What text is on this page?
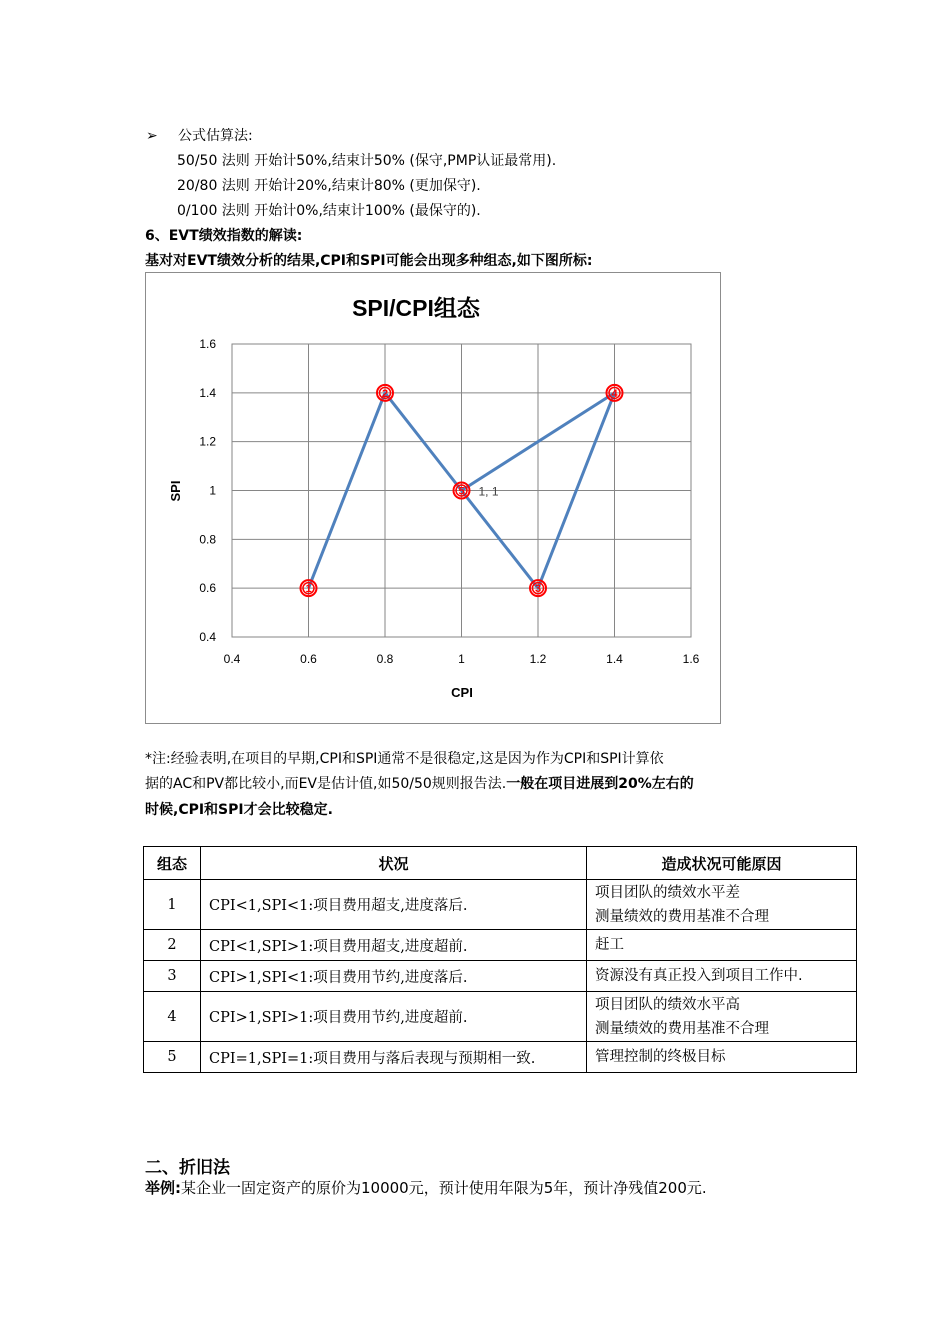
➢ 公式估算法:
50/50 法则 开始计50%,结束计50% (保守,PMP认证最常用).
20/80 法则 开始计20%,结束计80% (更加保守).
0/100 法则 开始计0%,结束计100% (最保守的).
6、EVT绩效指数的解读:
基对对EVT绩效分析的结果,CPI和SPI可能会出现多种组态,如下图所标:
SPI/CPI组态
0.4	0.6	0.8	1	1.2	1.4	1.6
0.4
0.6
0.8
1
1.2
1.4
1.6
1
2
5
3
4
1, 1
CPI
SPI
*注:经验表明,在项目的早期,CPI和SPI通常不是很稳定,这是因为作为CPI和SPI计算依
据的AC和PV都比较小,而EV是估计值,如50/50规则报告法.一般在项目进展到20%左右的
时候,CPI和SPI才会比较稳定.
组态	状况	造成状况可能原因
1	CPI<1,SPI<1:项目费用超支,进度落后.	项目团队的绩效水平差
测量绩效的费用基准不合理

2	CPI<1,SPI>1:项目费用超支,进度超前.	赶工

3	CPI>1,SPI<1:项目费用节约,进度落后.	资源没有真正投入到项目工作中.

4	CPI>1,SPI>1:项目费用节约,进度超前.	项目团队的绩效水平高
测量绩效的费用基准不合理

5	CPI=1,SPI=1:项目费用与落后表现与预期相一致.	管理控制的终极目标
二、折旧法
举例:某企业一固定资产的原价为10000元，预计使用年限为5年，预计净残值200元.
